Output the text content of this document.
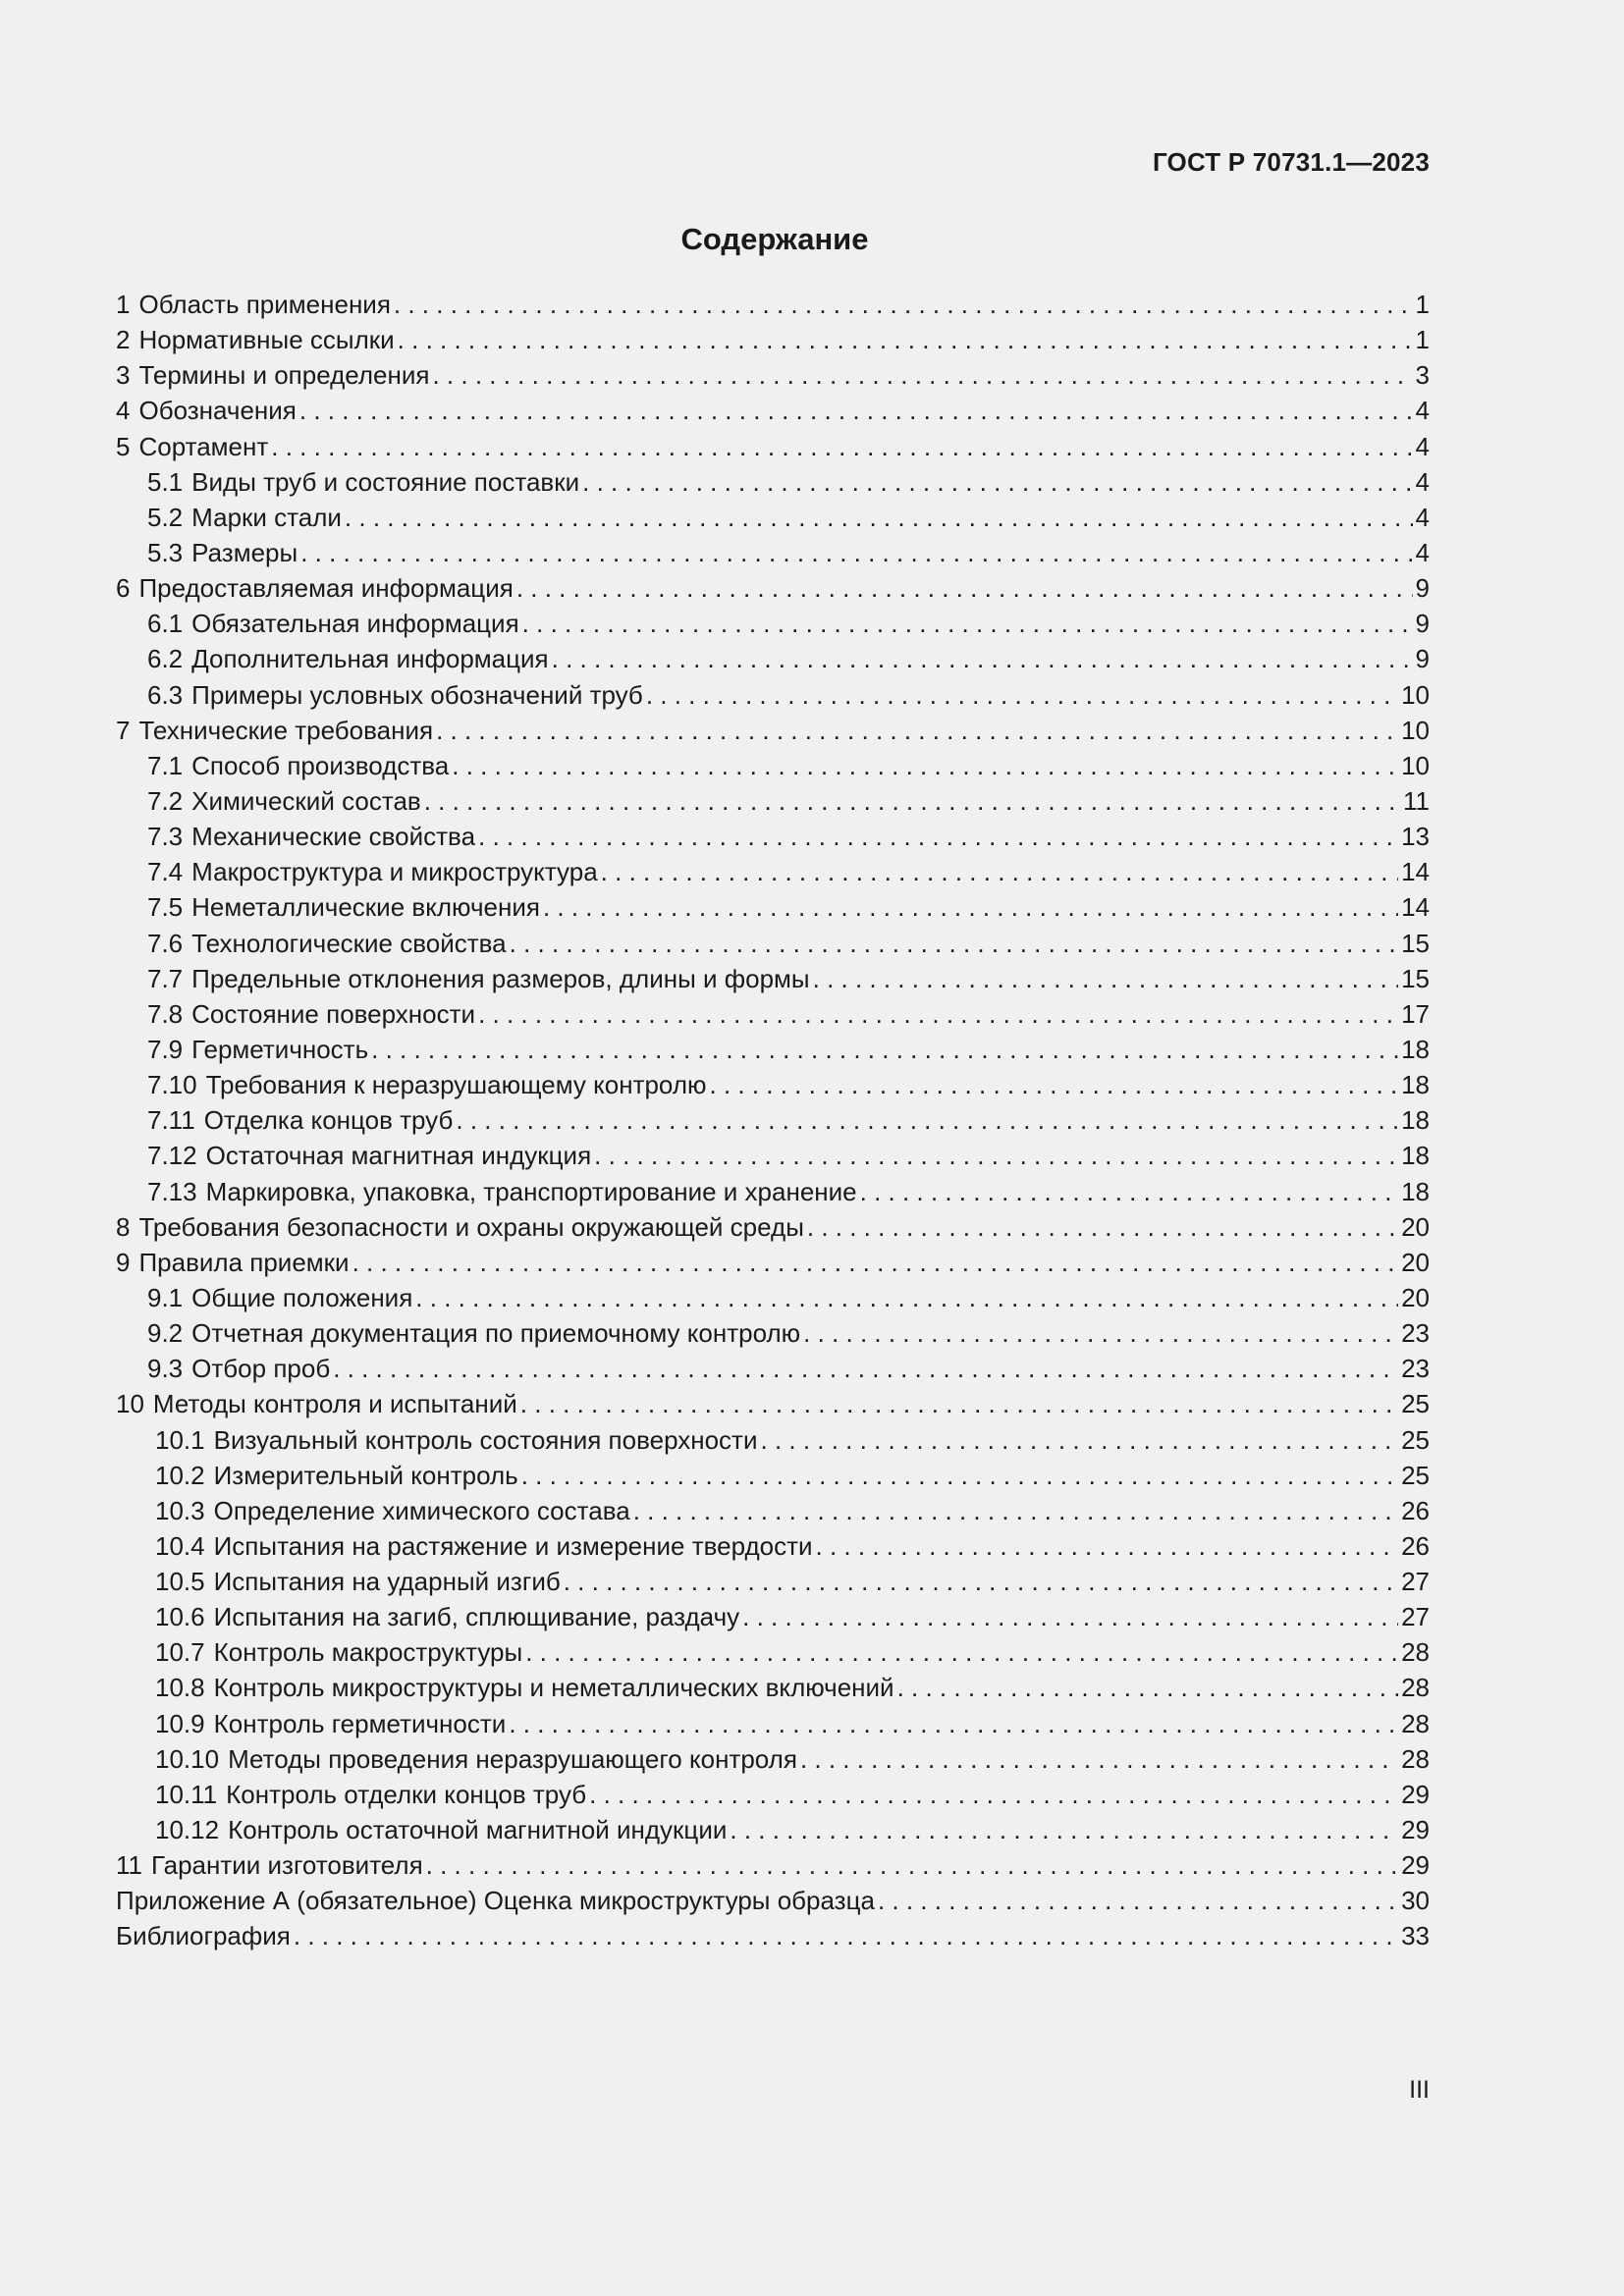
ГОСТ Р 70731.1—2023
Содержание
1 Область применения . . .	1
2 Нормативные ссылки . . .	1
3 Термины и определения . . .	3
4 Обозначения . . .	4
5 Сортамент . . .	4
5.1 Виды труб и состояние поставки . . .	4
5.2 Марки стали . . .	4
5.3 Размеры . . .	4
6 Предоставляемая информация . . .	9
6.1 Обязательная информация . . .	9
6.2 Дополнительная информация . . .	9
6.3 Примеры условных обозначений труб . . .	10
7 Технические требования . . .	10
7.1 Способ производства . . .	10
7.2 Химический состав . . .	11
7.3 Механические свойства . . .	13
7.4 Макроструктура и микроструктура . . .	14
7.5 Неметаллические включения . . .	14
7.6 Технологические свойства . . .	15
7.7 Предельные отклонения размеров, длины и формы . . .	15
7.8 Состояние поверхности . . .	17
7.9 Герметичность . . .	18
7.10 Требования к неразрушающему контролю . . .	18
7.11 Отделка концов труб . . .	18
7.12 Остаточная магнитная индукция . . .	18
7.13 Маркировка, упаковка, транспортирование и хранение . . .	18
8 Требования безопасности и охраны окружающей среды . . .	20
9 Правила приемки . . .	20
9.1 Общие положения . . .	20
9.2 Отчетная документация по приемочному контролю . . .	23
9.3 Отбор проб . . .	23
10 Методы контроля и испытаний . . .	25
10.1 Визуальный контроль состояния поверхности . . .	25
10.2 Измерительный контроль . . .	25
10.3 Определение химического состава . . .	26
10.4 Испытания на растяжение и измерение твердости . . .	26
10.5 Испытания на ударный изгиб . . .	27
10.6 Испытания на загиб, сплющивание, раздачу . . .	27
10.7 Контроль макроструктуры . . .	28
10.8 Контроль микроструктуры и неметаллических включений . . .	28
10.9 Контроль герметичности . . .	28
10.10 Методы проведения неразрушающего контроля . . .	28
10.11 Контроль отделки концов труб . . .	29
10.12 Контроль остаточной магнитной индукции . . .	29
11 Гарантии изготовителя . . .	29
Приложение А (обязательное) Оценка микроструктуры образца . . .	30
Библиография . . .	33
III
